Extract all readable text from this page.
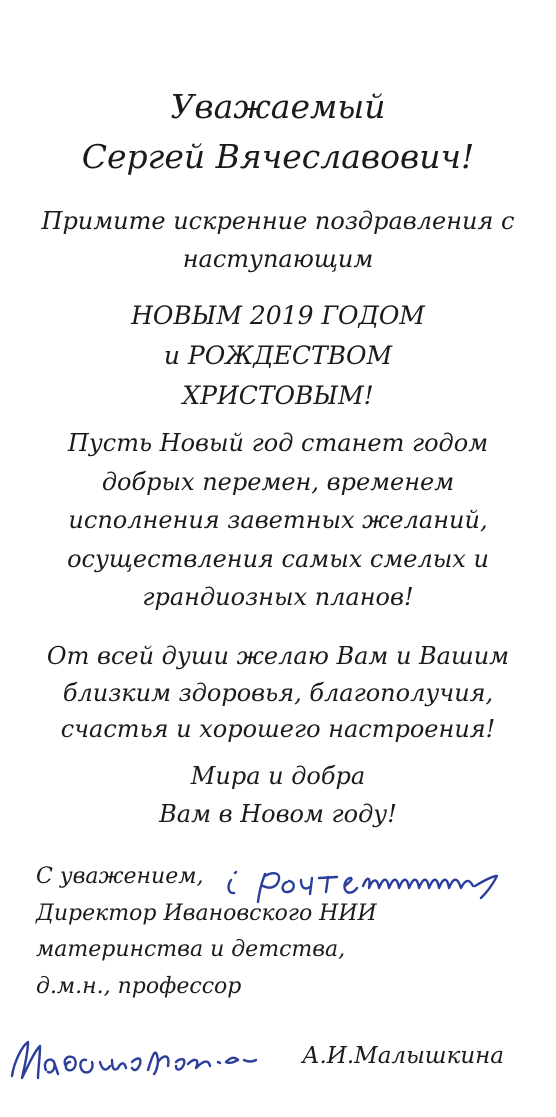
Уважаемый
Сергей Вячеславович!
Примите искренние поздравления с
наступающим
НОВЫМ 2019 ГОДОМ
и РОЖДЕСТВОМ
ХРИСТОВЫМ!
Пусть Новый год станет годом
добрых перемен, временем
исполнения заветных желаний,
осуществления самых смелых и
грандиозных планов!
От всей души желаю Вам и Вашим
близким здоровья, благополучия,
счастья и хорошего настроения!
Мира и добра
Вам в Новом году!
С уважением,
Директор Ивановского НИИ
материнства и детства,
д.м.н., профессор
А.И.Малышкина
